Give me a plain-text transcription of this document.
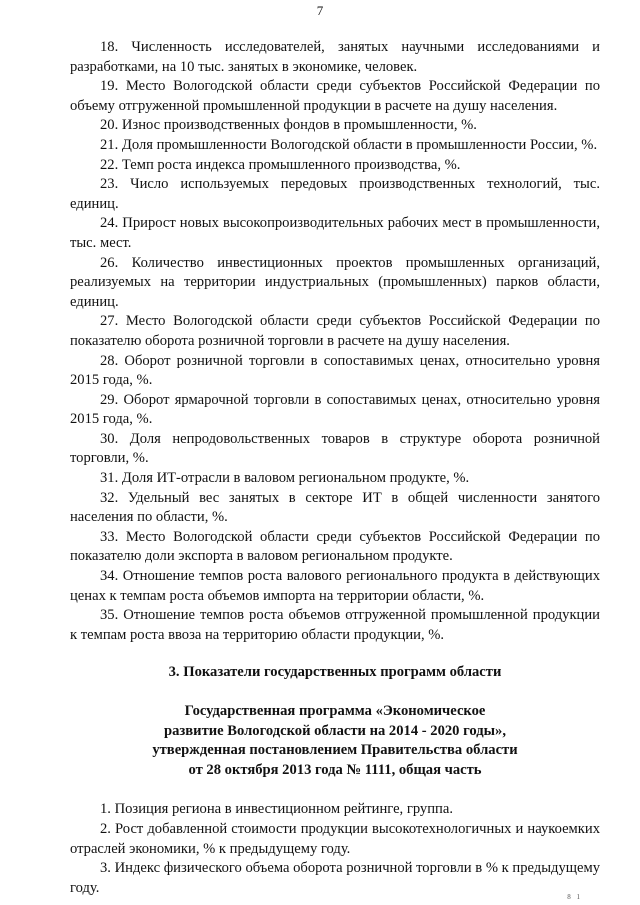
7

18. Численность исследователей, занятых научными исследованиями и разработками, на 10 тыс. занятых в экономике, человек.

19. Место Вологодской области среди субъектов Российской Федерации по объему отгруженной промышленной продукции в расчете на душу населения.

20. Износ производственных фондов в промышленности, %.

21. Доля промышленности Вологодской области в промышленности России, %.

22. Темп роста индекса промышленного производства, %.

23. Число используемых передовых производственных технологий, тыс. единиц.

24. Прирост новых высокопроизводительных рабочих мест в промышленности, тыс. мест.

26. Количество инвестиционных проектов промышленных организаций, реализуемых на территории индустриальных (промышленных) парков области, единиц.

27. Место Вологодской области среди субъектов Российской Федерации по показателю оборота розничной торговли в расчете на душу населения.

28. Оборот розничной торговли в сопоставимых ценах, относительно уровня 2015 года, %.

29. Оборот ярмарочной торговли в сопоставимых ценах, относительно уровня 2015 года, %.

30. Доля непродовольственных товаров в структуре оборота розничной торговли, %.

31. Доля ИТ-отрасли в валовом региональном продукте, %.

32. Удельный вес занятых в секторе ИТ в общей численности занятого населения по области, %.

33. Место Вологодской области среди субъектов Российской Федерации по показателю доли экспорта в валовом региональном продукте.

34. Отношение темпов роста валового регионального продукта в действующих ценах к темпам роста объемов импорта на территории области, %.

35. Отношение темпов роста объемов отгруженной промышленной продукции к темпам роста ввоза на территорию области продукции, %.

3. Показатели государственных программ области

Государственная программа «Экономическое
развитие Вологодской области на 2014 - 2020 годы»,
утвержденная постановлением Правительства области
от 28 октября 2013 года № 1111, общая часть

1. Позиция региона в инвестиционном рейтинге, группа.

2. Рост добавленной стоимости продукции высокотехнологичных и наукоемких отраслей экономики, % к предыдущему году.

3. Индекс физического объема оборота розничной торговли в % к предыдущему году.

8 1
